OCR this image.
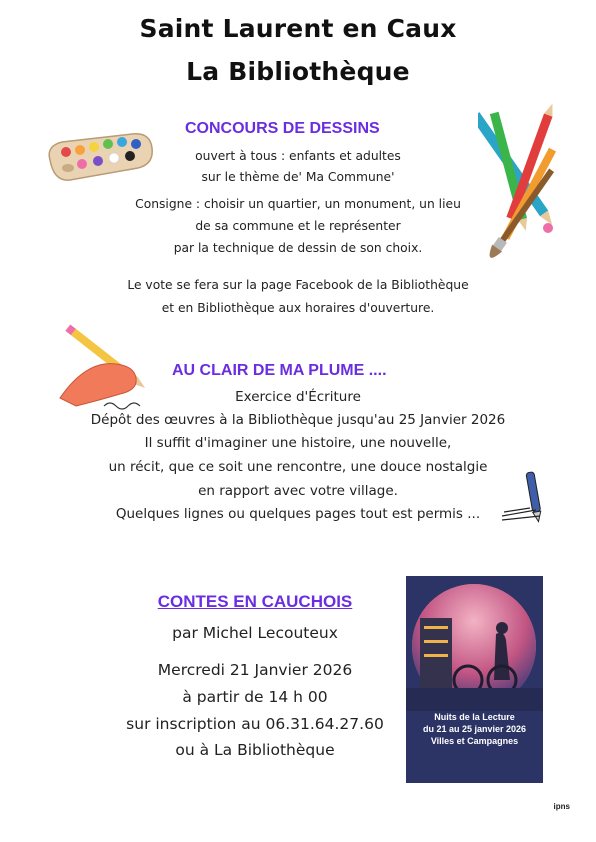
Saint Laurent en Caux
La Bibliothèque
CONCOURS DE DESSINS
ouvert à tous : enfants et adultes
sur le thème de' Ma Commune'
Consigne : choisir un quartier, un monument, un lieu
de sa commune et le représenter
par la technique de dessin de son choix.
Le vote se fera sur la page Facebook de la Bibliothèque
et en Bibliothèque aux horaires d'ouverture.
AU CLAIR DE MA PLUME ....
Exercice d'Écriture
Dépôt des œuvres à la Bibliothèque jusqu'au 25 Janvier 2026
Il suffit d'imaginer une histoire, une nouvelle,
un récit, que ce soit une rencontre, une douce nostalgie
en rapport avec votre village.
Quelques lignes ou quelques pages tout est permis ...
CONTES EN CAUCHOIS
par Michel Lecouteux
Mercredi 21 Janvier 2026
à partir de 14 h 00
sur inscription au 06.31.64.27.60
ou à La Bibliothèque
Nuits de la Lecture
du 21 au 25 janvier 2026
Villes et Campagnes
ipns
